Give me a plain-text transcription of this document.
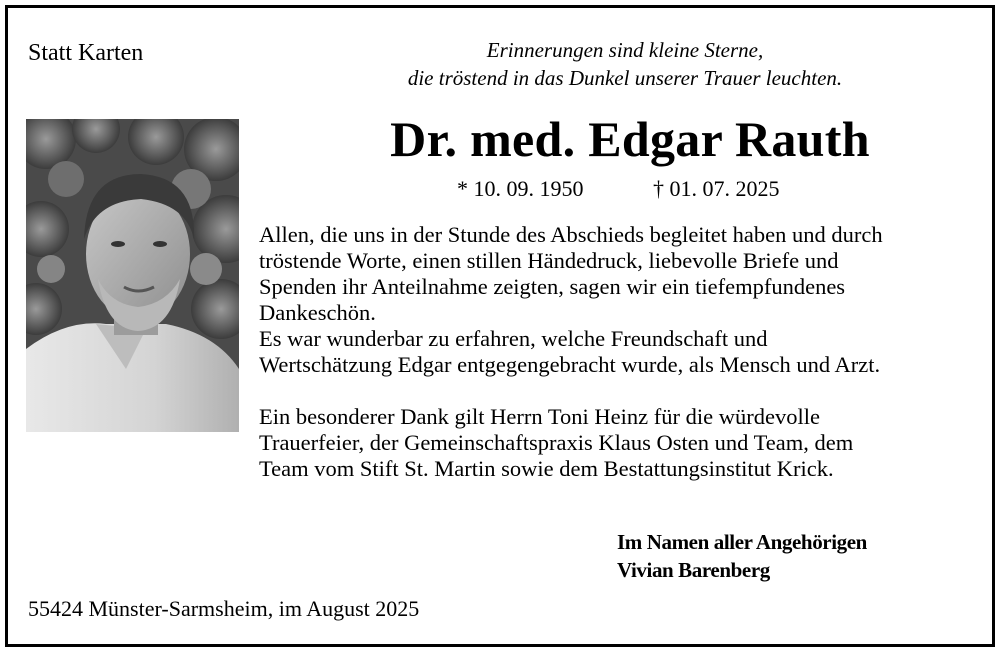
Statt Karten	Erinnerungen sind kleine Sterne,
die tröstend in das Dunkel unserer Trauer leuchten.
Dr. med. Edgar Rauth
* 10. 09. 1950	† 01. 07. 2025
Allen, die uns in der Stunde des Abschieds begleitet haben und durch
tröstende Worte, einen stillen Händedruck, liebevolle Briefe und
Spenden ihr Anteilnahme zeigten, sagen wir ein tiefempfundenes
Dankeschön.
Es war wunderbar zu erfahren, welche Freundschaft und
Wertschätzung Edgar entgegengebracht wurde, als Mensch und Arzt.
Ein besonderer Dank gilt Herrn Toni Heinz für die würdevolle
Trauerfeier, der Gemeinschaftspraxis Klaus Osten und Team, dem
Team vom Stift St. Martin sowie dem Bestattungsinstitut Krick.
Im Namen aller Angehörigen
Vivian Barenberg
55424 Münster-Sarmsheim, im August 2025
